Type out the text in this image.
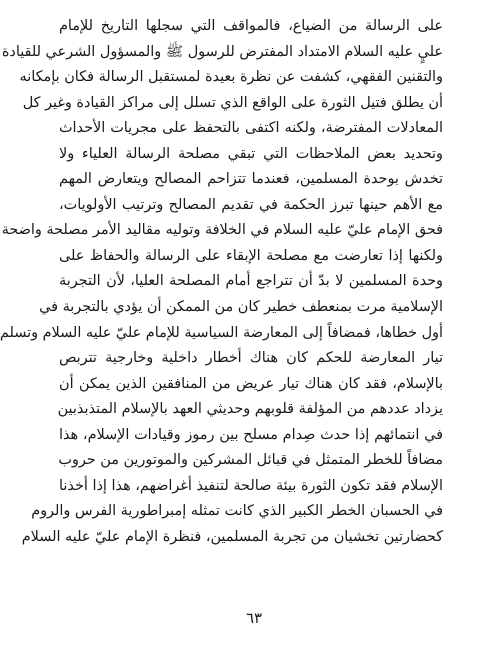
على الرسالة من الضياع، فالمواقف التي سجلها التاريخ للإمام
عليٍ عليه السلام الامتداد المفترض للرسول ﷺ والمسؤول الشرعي للقيادة
والتقنين الفقهي، كشفت عن نظرة بعيدة لمستقبل الرسالة فكان بإمكانه
أن يطلق فتيل الثورة على الواقع الذي تسلل إلى مراكز القيادة وغير كل
المعادلات المفترضة، ولكنه اكتفى بالتحفظ على مجريات الأحداث
وتحديد بعض الملاحظات التي تبقي مصلحة الرسالة العلياء ولا
تخدش بوحدة المسلمين، فعندما تتزاحم المصالح ويتعارض المهم
مع الأهم حينها تبرز الحكمة في تقديم المصالح وترتيب الأولويات،
فحق الإمام عليّ عليه السلام في الخلافة وتوليه مقاليد الأمر مصلحة واضحة
ولكنها إذا تعارضت مع مصلحة الإبقاء على الرسالة والحفاظ على
وحدة المسلمين لا بدّ أن تتراجع أمام المصلحة العليا، لأن التجربة
الإسلامية مرت بمنعطف خطير كان من الممكن أن يؤدي بالتجربة في
أول خطاها، فمضافاً إلى المعارضة السياسية للإمام عليّ عليه السلام وتسلم
تيار المعارضة للحكم كان هناك أخطار داخلية وخارجية تتربص
بالإسلام، فقد كان هناك تيار عريض من المنافقين الذين يمكن أن
يزداد عددهم من المؤلفة قلوبهم وحديثي العهد بالإسلام المتذبذبين
في انتمائهم إذا حدث صِدام مسلح بين رموز وقيادات الإسلام، هذا
مضافاً للخطر المتمثل في قبائل المشركين والموتورين من حروب
الإسلام فقد تكون الثورة بيئة صالحة لتنفيذ أغراضهم، هذا إذا أخذنا
في الحسبان الخطر الكبير الذي كانت تمثله إمبراطورية الفرس والروم
كحضارتين تخشيان من تجربة المسلمين، فنظرة الإمام عليّ عليه السلام
٦٣
